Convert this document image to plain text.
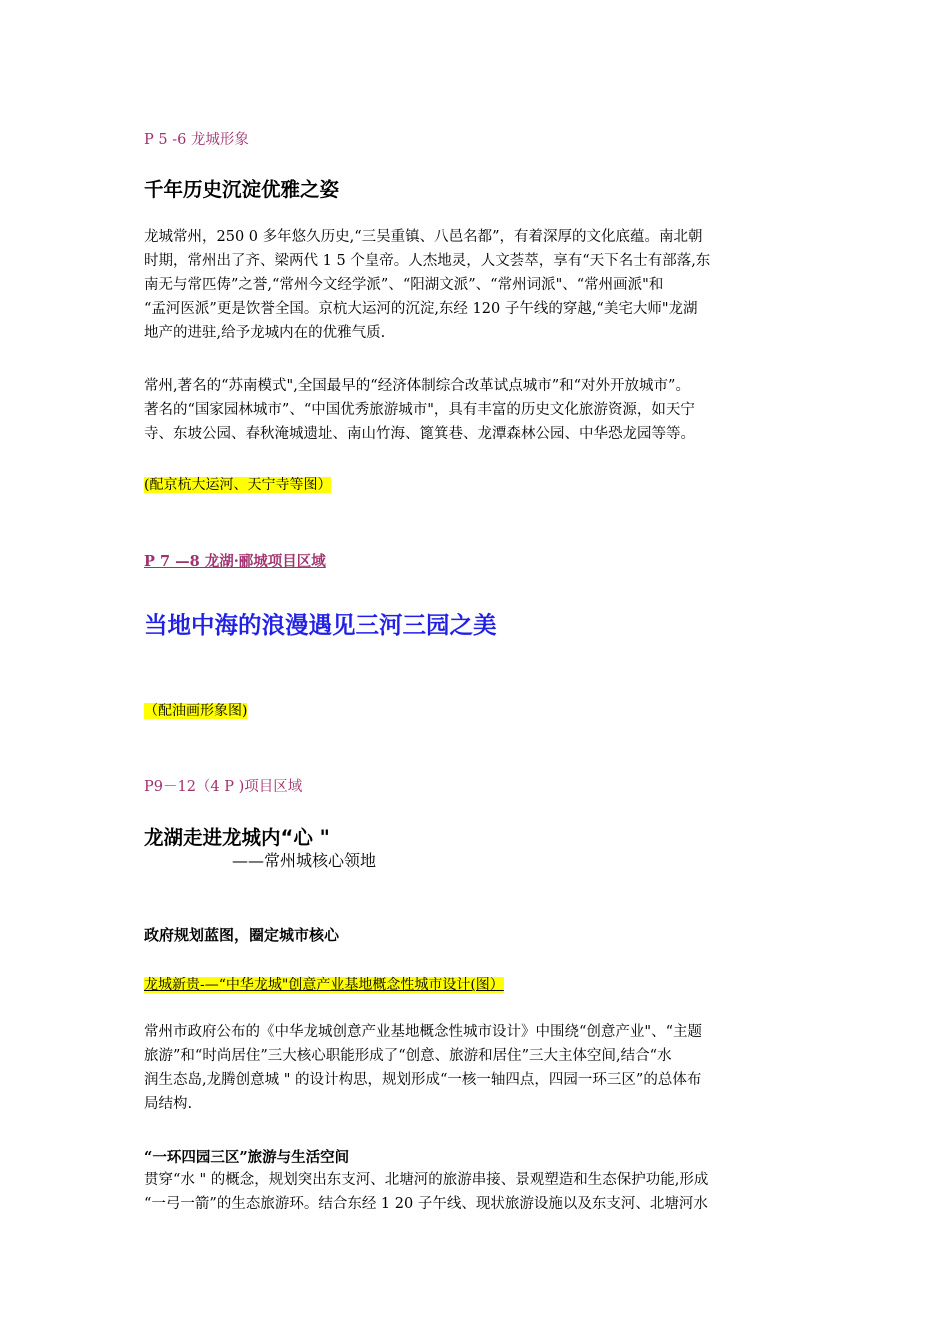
P 5 -6 龙城形象
千年历史沉淀优雅之姿
龙城常州，250 0 多年悠久历史,“三吴重镇、八邑名都”，有着深厚的文化底蕴。南北朝
时期，常州出了齐、梁两代 1 5 个皇帝。人杰地灵，人文荟萃，享有“天下名士有部落,东
南无与常匹俦”之誉,“常州今文经学派”、“阳湖文派”、“常州词派"、“常州画派"和
“孟河医派”更是饮誉全国。京杭大运河的沉淀,东经 120 子午线的穿越,“美宅大师"龙湖
地产的进驻,给予龙城内在的优雅气质.
常州,著名的“苏南模式",全国最早的“经济体制综合改革试点城市”和“对外开放城市”。
著名的“国家园林城市”、“中国优秀旅游城市"，具有丰富的历史文化旅游资源，如天宁
寺、东坡公园、春秋淹城遗址、南山竹海、篦箕巷、龙潭森林公园、中华恐龙园等等。
(配京杭大运河、天宁寺等图）
P 7 —8 龙湖·郦城项目区域
当地中海的浪漫遇见三河三园之美
（配油画形象图)
P9－12（4 P )项目区域
龙湖走进龙城内“心 "
——常州城核心领地
政府规划蓝图，圈定城市核心
龙城新贵-—“中华龙城"创意产业基地概念性城市设计(图）
常州市政府公布的《中华龙城创意产业基地概念性城市设计》中围绕“创意产业"、“主题
旅游”和“时尚居住”三大核心职能形成了“创意、旅游和居住”三大主体空间,结合“水
润生态岛,龙腾创意城 " 的设计构思，规划形成“一核一轴四点，四园一环三区”的总体布
局结构.
“一环四园三区”旅游与生活空间
贯穿“水 " 的概念，规划突出东支河、北塘河的旅游串接、景观塑造和生态保护功能,形成
“一弓一箭”的生态旅游环。结合东经 1 20 子午线、现状旅游设施以及东支河、北塘河水
